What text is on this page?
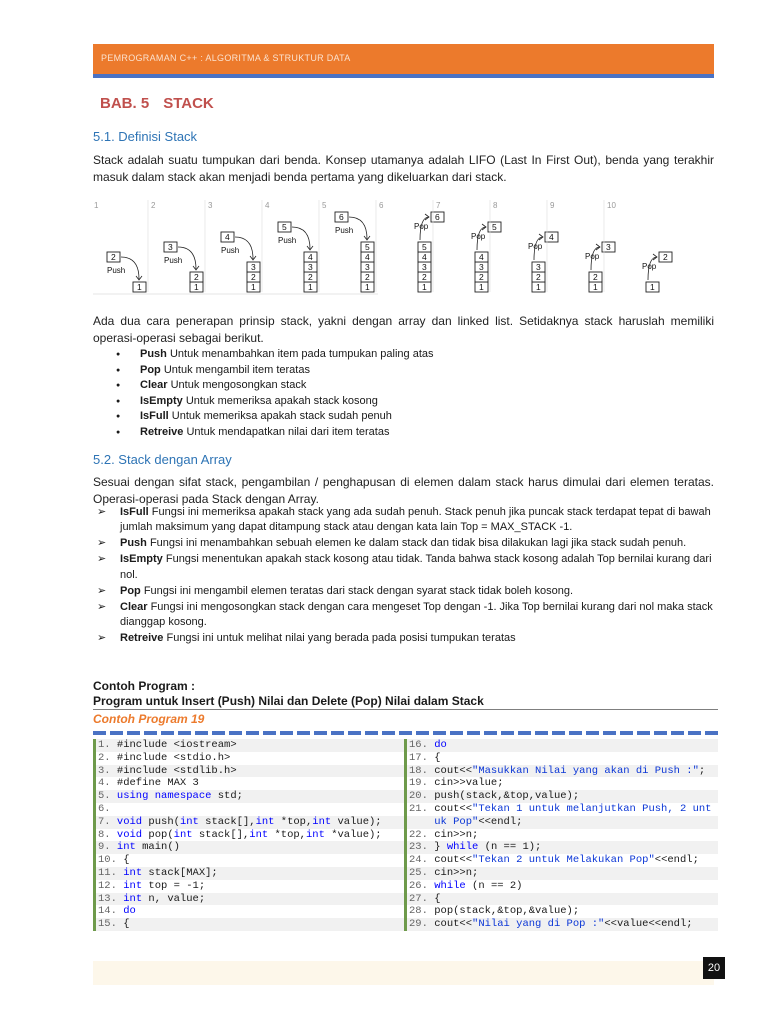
PEMROGRAMAN C++ : ALGORITMA & STRUKTUR DATA
BAB. 5 STACK
5.1. Definisi Stack

Stack adalah suatu tumpukan dari benda. Konsep utamanya adalah LIFO (Last In First Out), benda yang terakhir masuk dalam stack akan menjadi benda pertama yang dikeluarkan dari stack.

1
1
2
Push
2
1
2
3
Push
3
1
2
3
4
Push
4
1
2
3
4
5
Push
5
1
2
3
4
5
6
Push
6
1
2
3
4
5
6
Pop
7
1
2
3
4
5
Pop
8
1
2
3
4
Pop
9
1
2
3
Pop
10
1
2
Pop

Ada dua cara penerapan prinsip stack, yakni dengan array dan linked list. Setidaknya stack haruslah memiliki operasi-operasi sebagai berikut.

● Push Untuk menambahkan item pada tumpukan paling atas
● Pop Untuk mengambil item teratas
● Clear Untuk mengosongkan stack
● IsEmpty Untuk memeriksa apakah stack kosong
● IsFull Untuk memeriksa apakah stack sudah penuh
● Retreive Untuk mendapatkan nilai dari item teratas
5.2. Stack dengan Array

Sesuai dengan sifat stack, pengambilan / penghapusan di elemen dalam stack harus dimulai dari elemen teratas. Operasi-operasi pada Stack dengan Array.

➢ IsFull Fungsi ini memeriksa apakah stack yang ada sudah penuh. Stack penuh jika puncak stack terdapat tepat di bawah jumlah maksimum yang dapat ditampung stack atau dengan kata lain Top = MAX_STACK -1.
➢ Push Fungsi ini menambahkan sebuah elemen ke dalam stack dan tidak bisa dilakukan lagi jika stack sudah penuh.
➢ IsEmpty Fungsi menentukan apakah stack kosong atau tidak. Tanda bahwa stack kosong adalah Top bernilai kurang dari nol.
➢ Pop Fungsi ini mengambil elemen teratas dari stack dengan syarat stack tidak boleh kosong.
➢ Clear Fungsi ini mengosongkan stack dengan cara mengeset Top dengan -1. Jika Top bernilai kurang dari nol maka stack dianggap kosong.
➢ Retreive Fungsi ini untuk melihat nilai yang berada pada posisi tumpukan teratas
Contoh Program :
Program untuk Insert (Push) Nilai dan Delete (Pop) Nilai dalam Stack
Contoh Program 19
1. #include <iostream>
2. #include <stdio.h>
3. #include <stdlib.h>
4. #define MAX 3
5. using namespace std;
6.
7. void push(int stack[],int *top,int value);
8. void pop(int stack[],int *top,int *value);
9. int main()
10. {
11. int stack[MAX];
12. int top = -1;
13. int n, value;
14. do
15. {
16. do
17. {
18. cout<<"Masukkan Nilai yang akan di Push :";
19. cin>>value;
20. push(stack,&top,value);
21. cout<<"Tekan 1 untuk melanjutkan Push, 2 unt
uk Pop"<<endl;
22. cin>>n;
23. } while (n == 1);
24. cout<<"Tekan 2 untuk Melakukan Pop"<<endl;
25. cin>>n;
26. while (n == 2)
27. {
28. pop(stack,&top,&value);
29. cout<<"Nilai yang di Pop :"<<value<<endl;
20
